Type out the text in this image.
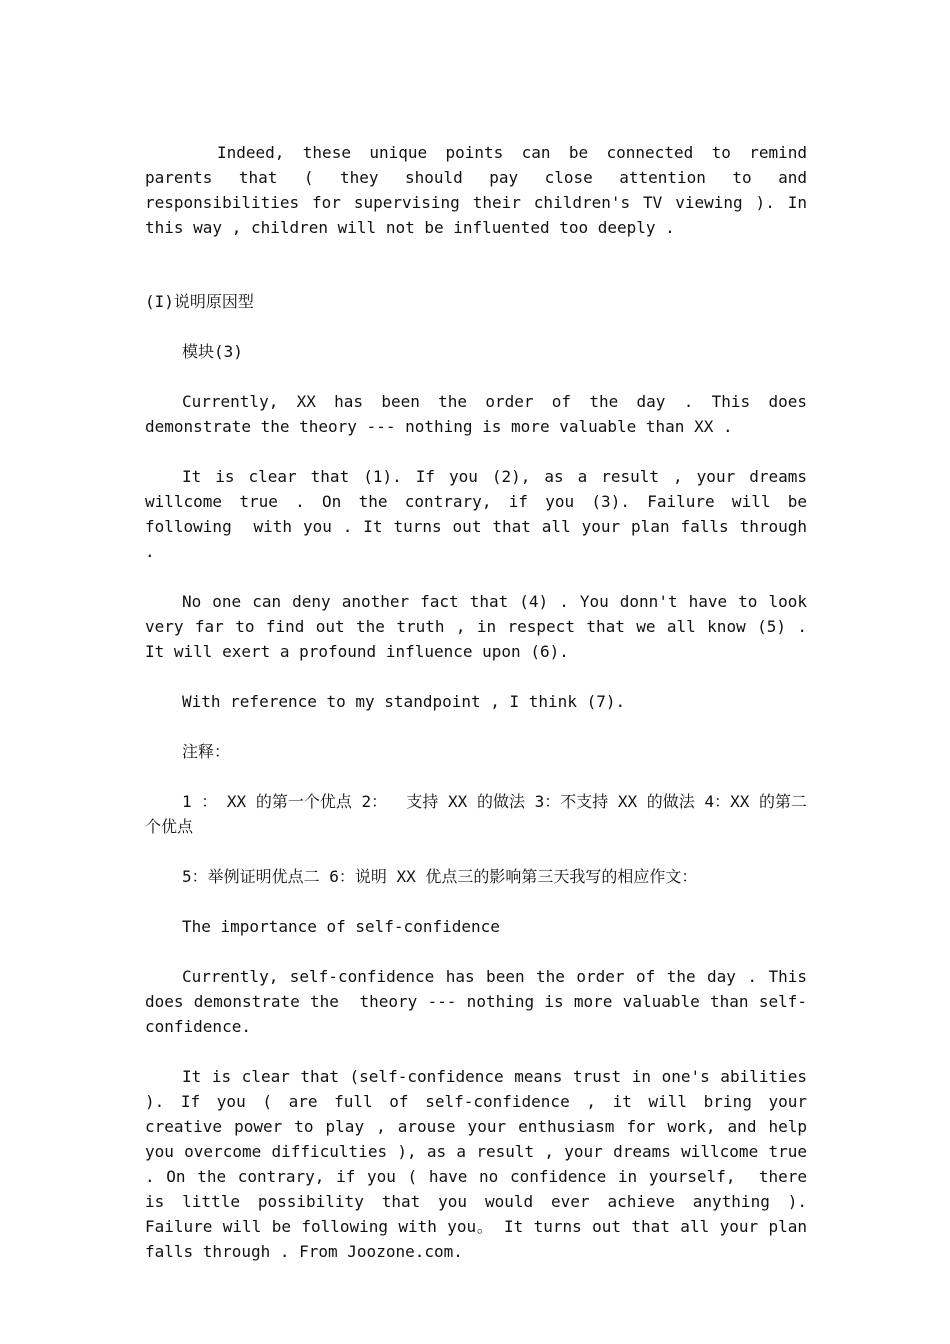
Indeed, these unique points can be connected to remind parents that ( they should pay close attention to and responsibilities for supervising their children's TV viewing ). In this way , children will not be influented too deeply .

(I)说明原因型

模块(3)

Currently, XX has been the order of the day . This does demonstrate the theory --- nothing is more valuable than XX .

It is clear that (1). If you (2), as a result , your dreams willcome true . On the contrary, if you (3). Failure will be following  with you . It turns out that all your plan falls through .

No one can deny another fact that (4) . You donn't have to look  very far to find out the truth , in respect that we all know (5) . It will exert a profound influence upon (6).

With reference to my standpoint , I think (7).

注释：

1 ： XX 的第一个优点 2：  支持 XX 的做法 3：不支持 XX 的做法 4：XX 的第二个优点

5：举例证明优点二 6：说明 XX 优点三的影响第三天我写的相应作文：

The importance of self-confidence

Currently, self-confidence has been the order of the day . This does demonstrate the  theory --- nothing is more valuable than self-confidence.

It is clear that (self-confidence means trust in one's abilities ). If you ( are full of self-confidence , it will bring your creative power to play , arouse your enthusiasm for work, and help you overcome difficulties ), as a result , your dreams willcome true . On the contrary, if you ( have no confidence in yourself,  there is little possibility that you would ever achieve anything ). Failure will be following with you。 It turns out that all your plan falls through . From Joozone.com.
